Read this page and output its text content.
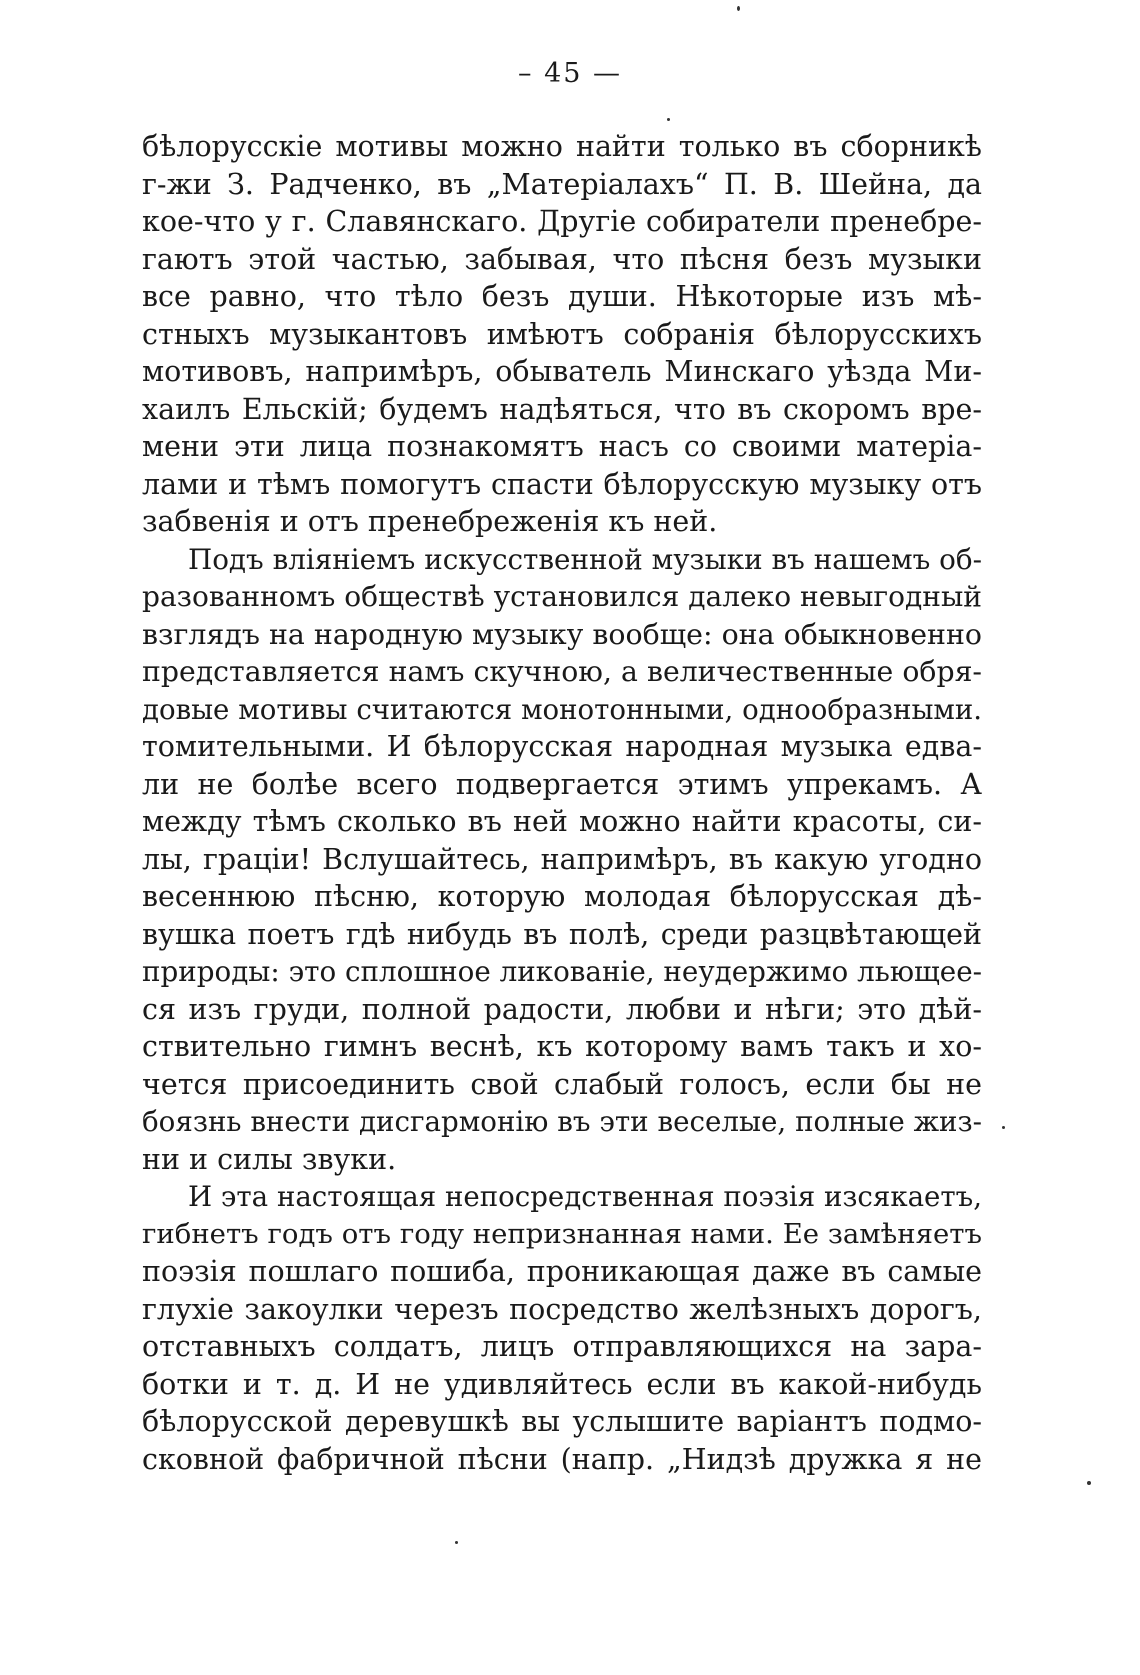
– 45 —
бѣлорусскіе мотивы можно найти только въ сборникѣ
г-жи З. Радченко, въ „Матеріалахъ“ П. В. Шейна, да
кое-что у г. Славянскаго. Другіе собиратели пренебре-
гаютъ этой частью, забывая, что пѣсня безъ музыки
все равно, что тѣло безъ души. Нѣкоторые изъ мѣ-
стныхъ музыкантовъ имѣютъ собранія бѣлорусскихъ
мотивовъ, напримѣръ, обыватель Минскаго уѣзда Ми-
хаилъ Ельскій; будемъ надѣяться, что въ скоромъ вре-
мени эти лица познакомятъ насъ со своими матеріа-
лами и тѣмъ помогутъ спасти бѣлорусскую музыку отъ
забвенія и отъ пренебреженія къ ней.
Подъ вліяніемъ искусственной музыки въ нашемъ об-
разованномъ обществѣ установился далеко невыгодный
взглядъ на народную музыку вообще: она обыкновенно
представляется намъ скучною, а величественные обря-
довые мотивы считаются монотонными, однообразными.
томительными. И бѣлорусская народная музыка едва-
ли не болѣе всего подвергается этимъ упрекамъ. А
между тѣмъ сколько въ ней можно найти красоты, си-
лы, граціи! Вслушайтесь, напримѣръ, въ какую угодно
весеннюю пѣсню, которую молодая бѣлорусская дѣ-
вушка поетъ гдѣ нибудь въ полѣ, среди разцвѣтающей
природы: это сплошное ликованіе, неудержимо льющее-
ся изъ груди, полной радости, любви и нѣги; это дѣй-
ствительно гимнъ веснѣ, къ которому вамъ такъ и хо-
чется присоединить свой слабый голосъ, если бы не
боязнь внести дисгармонію въ эти веселые, полные жиз-
ни и силы звуки.
И эта настоящая непосредственная поэзія изсякаетъ,
гибнетъ годъ отъ году непризнанная нами. Ее замѣняетъ
поэзія пошлаго пошиба, проникающая даже въ самые
глухіе закоулки черезъ посредство желѣзныхъ дорогъ,
отставныхъ солдатъ, лицъ отправляющихся на зара-
ботки и т. д. И не удивляйтесь если въ какой-нибудь
бѣлорусской деревушкѣ вы услышите варіантъ подмо-
сковной фабричной пѣсни (напр. „Нидзѣ дружка я не
